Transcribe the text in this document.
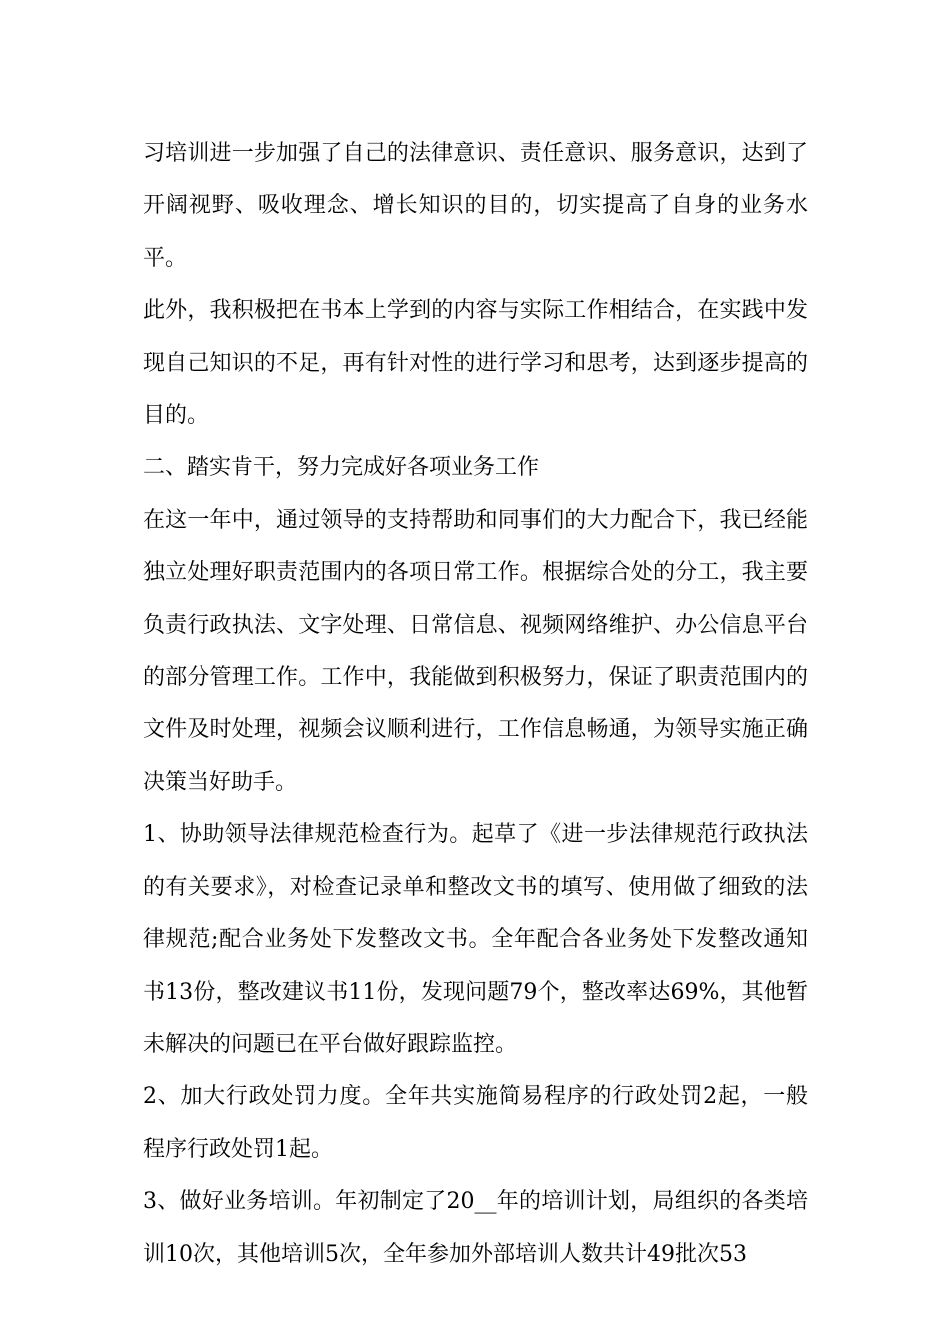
习培训进一步加强了自己的法律意识、责任意识、服务意识，达到了开阔视野、吸收理念、增长知识的目的，切实提高了自身的业务水平。

此外，我积极把在书本上学到的内容与实际工作相结合，在实践中发现自己知识的不足，再有针对性的进行学习和思考，达到逐步提高的目的。

二、踏实肯干，努力完成好各项业务工作

在这一年中，通过领导的支持帮助和同事们的大力配合下，我已经能独立处理好职责范围内的各项日常工作。根据综合处的分工，我主要负责行政执法、文字处理、日常信息、视频网络维护、办公信息平台的部分管理工作。工作中，我能做到积极努力，保证了职责范围内的文件及时处理，视频会议顺利进行，工作信息畅通，为领导实施正确决策当好助手。

1、协助领导法律规范检查行为。起草了《进一步法律规范行政执法的有关要求》，对检查记录单和整改文书的填写、使用做了细致的法律规范;配合业务处下发整改文书。全年配合各业务处下发整改通知书13份，整改建议书11份，发现问题79个，整改率达69%，其他暂未解决的问题已在平台做好跟踪监控。

2、加大行政处罚力度。全年共实施简易程序的行政处罚2起，一般程序行政处罚1起。

3、做好业务培训。年初制定了20__年的培训计划，局组织的各类培训10次，其他培训5次，全年参加外部培训人数共计49批次53
